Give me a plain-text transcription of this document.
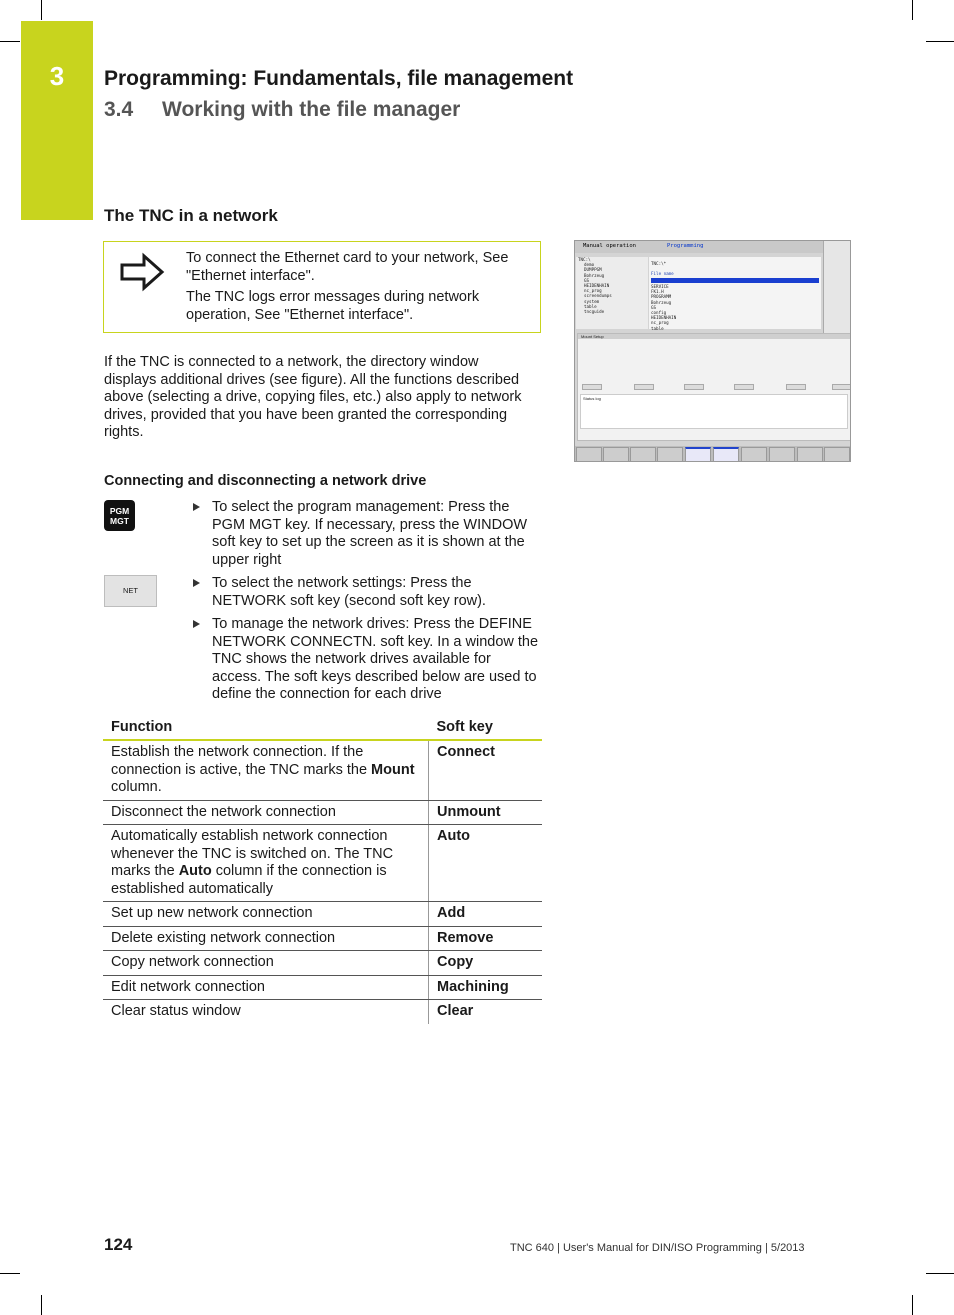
3	Programming: Fundamentals, file management
3.4 Working with the file manager
The TNC in a network

To connect the Ethernet card to your network, See "Ethernet interface".

The TNC logs error messages during network operation, See "Ethernet interface".

If the TNC is connected to a network, the directory window displays additional drives (see figure). All the functions described above (selecting a drive, copying files, etc.) also apply to network drives, provided that you have been granted the corresponding rights.

Connecting and disconnecting a network drive
PGM
MGT
NET
To select the program management: Press the PGM MGT key. If necessary, press the WINDOW soft key to set up the screen as it is shown at the upper right
To select the network settings: Press the NETWORK soft key (second soft key row).
To manage the network drives: Press the DEFINE NETWORK CONNECTN. soft key. In a window the TNC shows the network drives available for access. The soft keys described below are used to define the connection for each drive
Function	Soft key
Establish the network connection. If the connection is active, the TNC marks the Mount column.	Connect
Disconnect the network connection	Unmount
Automatically establish network connection whenever the TNC is switched on. The TNC marks the Auto column if the connection is established automatically	Auto
Set up new network connection	Add
Delete existing network connection	Remove
Copy network connection	Copy
Edit network connection	Machining
Clear status window	Clear
Manual operation	Programming
TNC:\
demo
DUMPPGM
Bohrzeug
GS
HEIDENHAIN
nc_prog
screendumps
system
table
tncguide
TNC:\*
File name
SERVICE
FK1.H
PROGRAMM
Bohrzeug
GS
config
HEIDENHAIN
nc_prog
table
Mount Setup
Status log
124	TNC 640 | User's Manual for DIN/ISO Programming | 5/2013
